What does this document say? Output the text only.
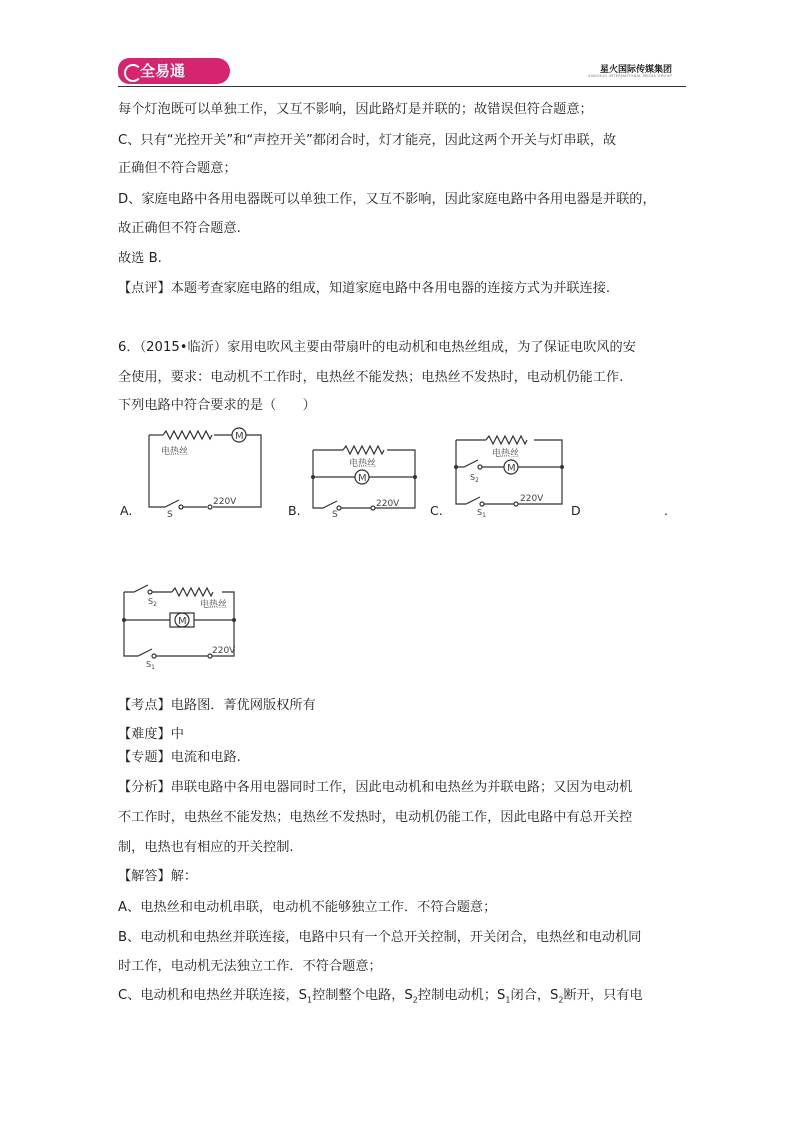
全易通	星火国际传媒集团
XINGHUO INTERNATIONAL MEDIA GROUP
每个灯泡既可以单独工作，又互不影响，因此路灯是并联的；故错误但符合题意；
C、只有“光控开关”和“声控开关”都闭合时，灯才能亮，因此这两个开关与灯串联，故
正确但不符合题意；
D、家庭电路中各用电器既可以单独工作，又互不影响，因此家庭电路中各用电器是并联的，
故正确但不符合题意.
故选 B.
【点评】本题考查家庭电路的组成，知道家庭电路中各用电器的连接方式为并联连接.
6．（2015•临沂）家用电吹风主要由带扇叶的电动机和电热丝组成，为了保证电吹风的安
全使用，要求：电动机不工作时，电热丝不能发热；电热丝不发热时，电动机仍能工作.
下列电路中符合要求的是（　　）
M
电热丝
S
220V
A.
M
电热丝
S
220V
B.
M
电热丝
$S_2$
$S_1$
220V
C.	D	.
M
电热丝
$S_2$
$S_1$
220V
【考点】电路图．菁优网版权所有
【难度】中
【专题】电流和电路.
【分析】串联电路中各用电器同时工作，因此电动机和电热丝为并联电路；又因为电动机
不工作时，电热丝不能发热；电热丝不发热时，电动机仍能工作，因此电路中有总开关控
制，电热也有相应的开关控制.
【解答】解：
A、电热丝和电动机串联，电动机不能够独立工作．不符合题意；
B、电动机和电热丝并联连接，电路中只有一个总开关控制，开关闭合，电热丝和电动机同
时工作，电动机无法独立工作．不符合题意；
C、电动机和电热丝并联连接，$S_1$控制整个电路，$S_2$控制电动机；$S_1$闭合，$S_2$断开，只有电
